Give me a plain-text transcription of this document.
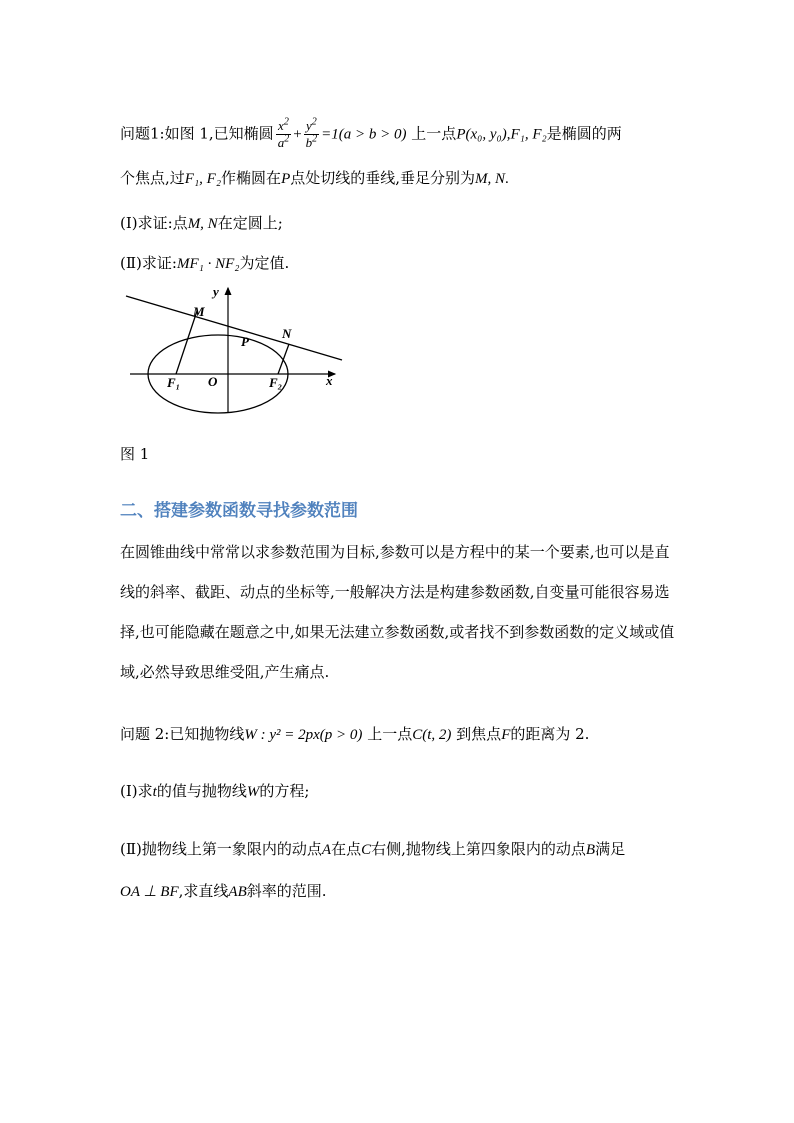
问题1:如图 1,已知椭圆 $\frac{x^2}{a^2} + \frac{y^2}{b^2} =1(a > b > 0)$ 上一点P(x₀, y₀),F₁, F₂是椭圆的两
个焦点,过F₁, F₂作椭圆在P点处切线的垂线,垂足分别为M, N.
(Ⅰ)求证:点M, N在定圆上;
(Ⅱ)求证:MF₁ · NF₂为定值.
x
y
M
N
P
O
F₁	F₂
图 1
二、搭建参数函数寻找参数范围
在圆锥曲线中常常以求参数范围为目标,参数可以是方程中的某一个要素,也可以是直线的斜率、截距、动点的坐标等,一般解决方法是构建参数函数,自变量可能很容易选择,也可能隐藏在题意之中,如果无法建立参数函数,或者找不到参数函数的定义域或值域,必然导致思维受阻,产生痛点.
问题 2:已知抛物线W : y² = 2px(p > 0) 上一点C(t, 2) 到焦点F的距离为 2.
(Ⅰ)求t的值与抛物线W的方程;
(Ⅱ)抛物线上第一象限内的动点A在点C右侧,抛物线上第四象限内的动点B满足
OA ⊥ BF,求直线AB斜率的范围.
